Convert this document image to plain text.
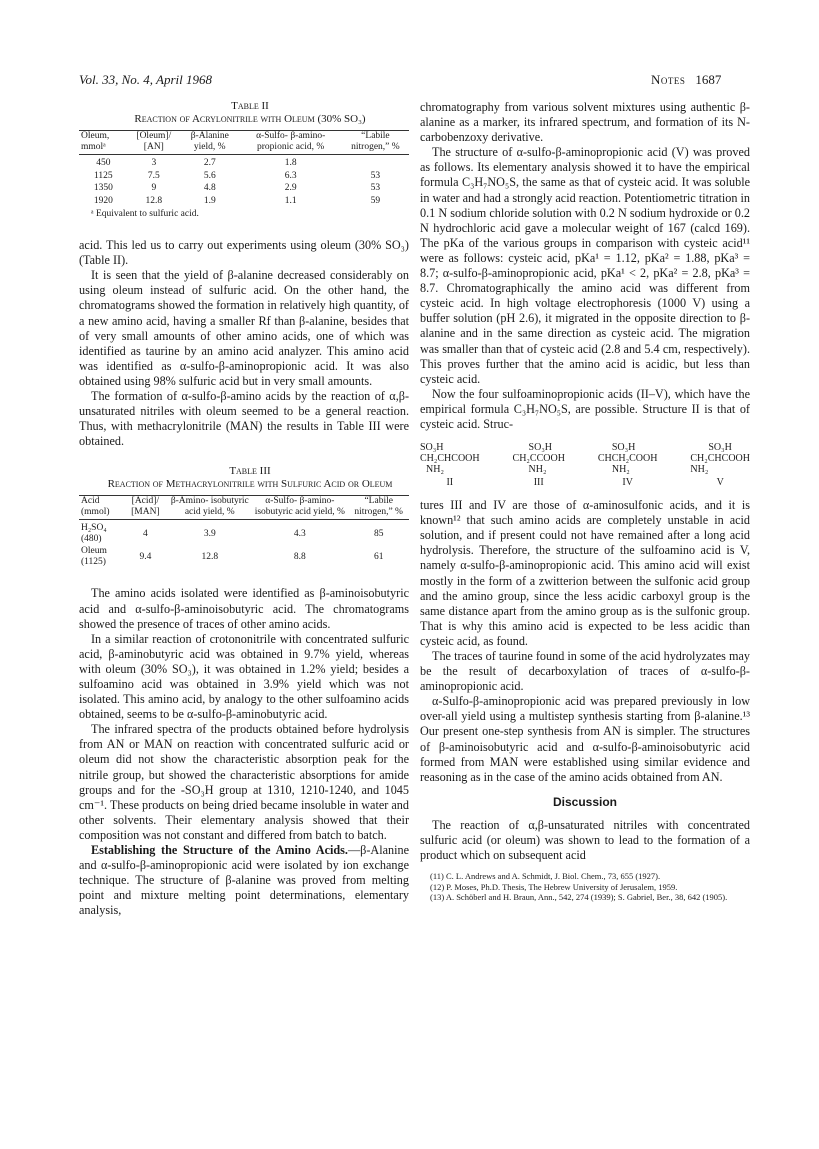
Vol. 33, No. 4, April 1968	Notes 1687

Table II

Reaction of Acrylonitrile with Oleum (30% SO₃)

Oleum, mmolᵃ	[Oleum]/ [AN]	β-Alanine yield, %	α-Sulfo- β-amino- propionic acid, %	“Labile nitrogen,” %
450	3	2.7	1.8	
1125	7.5	5.6	6.3	53
1350	9	4.8	2.9	53
1920	12.8	1.9	1.1	59

ᵃ Equivalent to sulfuric acid.

acid. This led us to carry out experiments using oleum (30% SO₃) (Table II).

It is seen that the yield of β-alanine decreased considerably on using oleum instead of sulfuric acid. On the other hand, the chromatograms showed the formation in relatively high quantity, of a new amino acid, having a smaller Rf than β-alanine, besides that of very small amounts of other amino acids, one of which was identified as taurine by an amino acid analyzer. This amino acid was identified as α-sulfo-β-aminopropionic acid. It was also obtained using 98% sulfuric acid but in very small amounts.

The formation of α-sulfo-β-amino acids by the reaction of α,β-unsaturated nitriles with oleum seemed to be a general reaction. Thus, with methacrylonitrile (MAN) the results in Table III were obtained.

Table III

Reaction of Methacrylonitrile with Sulfuric Acid or Oleum

Acid (mmol)	[Acid]/ [MAN]	β-Amino- isobutyric acid yield, %	α-Sulfo- β-amino- isobutyric acid yield, %	“Labile nitrogen,” %
H₂SO₄ (480)	4	3.9	4.3	85
Oleum (1125)	9.4	12.8	8.8	61

The amino acids isolated were identified as β-aminoisobutyric acid and α-sulfo-β-aminoisobutyric acid. The chromatograms showed the presence of traces of other amino acids.

In a similar reaction of crotononitrile with concentrated sulfuric acid, β-aminobutyric acid was obtained in 9.7% yield, whereas with oleum (30% SO₃), it was obtained in 1.2% yield; besides a sulfoamino acid was obtained in 3.9% yield which was not isolated. This amino acid, by analogy to the other sulfoamino acids obtained, seems to be α-sulfo-β-aminobutyric acid.

The infrared spectra of the products obtained before hydrolysis from AN or MAN on reaction with concentrated sulfuric acid or oleum did not show the characteristic absorption peak for the nitrile group, but showed the characteristic absorptions for amide groups and for the -SO₃H group at 1310, 1210-1240, and 1045 cm⁻¹. These products on being dried became insoluble in water and other solvents. Their elementary analysis showed that their composition was not constant and differed from batch to batch.

Establishing the Structure of the Amino Acids.—β-Alanine and α-sulfo-β-aminopropionic acid were isolated by ion exchange technique. The structure of β-alanine was proved from melting point and mixture melting point determinations, elementary analysis,

chromatography from various solvent mixtures using authentic β-alanine as a marker, its infrared spectrum, and formation of its N-carbobenzoxy derivative.

The structure of α-sulfo-β-aminopropionic acid (V) was proved as follows. Its elementary analysis showed it to have the empirical formula C₃H₇NO₅S, the same as that of cysteic acid. It was soluble in water and had a strongly acid reaction. Potentiometric titration in 0.1 N sodium chloride solution with 0.2 N sodium hydroxide or 0.2 N hydrochloric acid gave a molecular weight of 167 (calcd 169). The pKa of the various groups in comparison with cysteic acid¹¹ were as follows: cysteic acid, pKa¹ = 1.12, pKa² = 1.88, pKa³ = 8.7; α-sulfo-β-aminopropionic acid, pKa¹ < 2, pKa² = 2.8, pKa³ = 8.7. Chromatographically the amino acid was different from cysteic acid. In high voltage electrophoresis (1000 V) using a buffer solution (pH 2.6), it migrated in the opposite direction to β-alanine and in the same direction as cysteic acid. The migration was smaller than that of cysteic acid (2.8 and 5.4 cm, respectively). This proves further that the amino acid is acidic, but less than cysteic acid.

Now the four sulfoaminopropionic acids (II–V), which have the empirical formula C₃H₇NO₅S, are possible. Structure II is that of cysteic acid. Struc-

SO₃H
CH₂CHCOOH
NH₂
II
SO₃H
CH₂CCOOH
NH₂
III
SO₃H
CHCH₂COOH
NH₂
IV
SO₃H
CH₂CHCOOH
NH₂
V

tures III and IV are those of α-aminosulfonic acids, and it is known¹² that such amino acids are completely unstable in acid solution, and if present could not have remained after a long acid hydrolysis. Therefore, the structure of the sulfoamino acid is V, namely α-sulfo-β-aminopropionic acid. This amino acid will exist mostly in the form of a zwitterion between the sulfonic acid group and the amino group, since the less acidic carboxyl group is the same distance apart from the amino group as is the sulfonic group. That is why this amino acid is expected to be less acidic than cysteic acid, as found.

The traces of taurine found in some of the acid hydrolyzates may be the result of decarboxylation of traces of α-sulfo-β-aminopropionic acid.

α-Sulfo-β-aminopropionic acid was prepared previously in low over-all yield using a multistep synthesis starting from β-alanine.¹³ Our present one-step synthesis from AN is simpler. The structures of β-aminoisobutyric acid and α-sulfo-β-aminoisobutyric acid formed from MAN were established using similar evidence and reasoning as in the case of the amino acids obtained from AN.

Discussion

The reaction of α,β-unsaturated nitriles with concentrated sulfuric acid (or oleum) was shown to lead to the formation of a product which on subsequent acid

(11) C. L. Andrews and A. Schmidt, J. Biol. Chem., 73, 655 (1927).
(12) P. Moses, Ph.D. Thesis, The Hebrew University of Jerusalem, 1959.
(13) A. Schöberl and H. Braun, Ann., 542, 274 (1939); S. Gabriel, Ber., 38, 642 (1905).
